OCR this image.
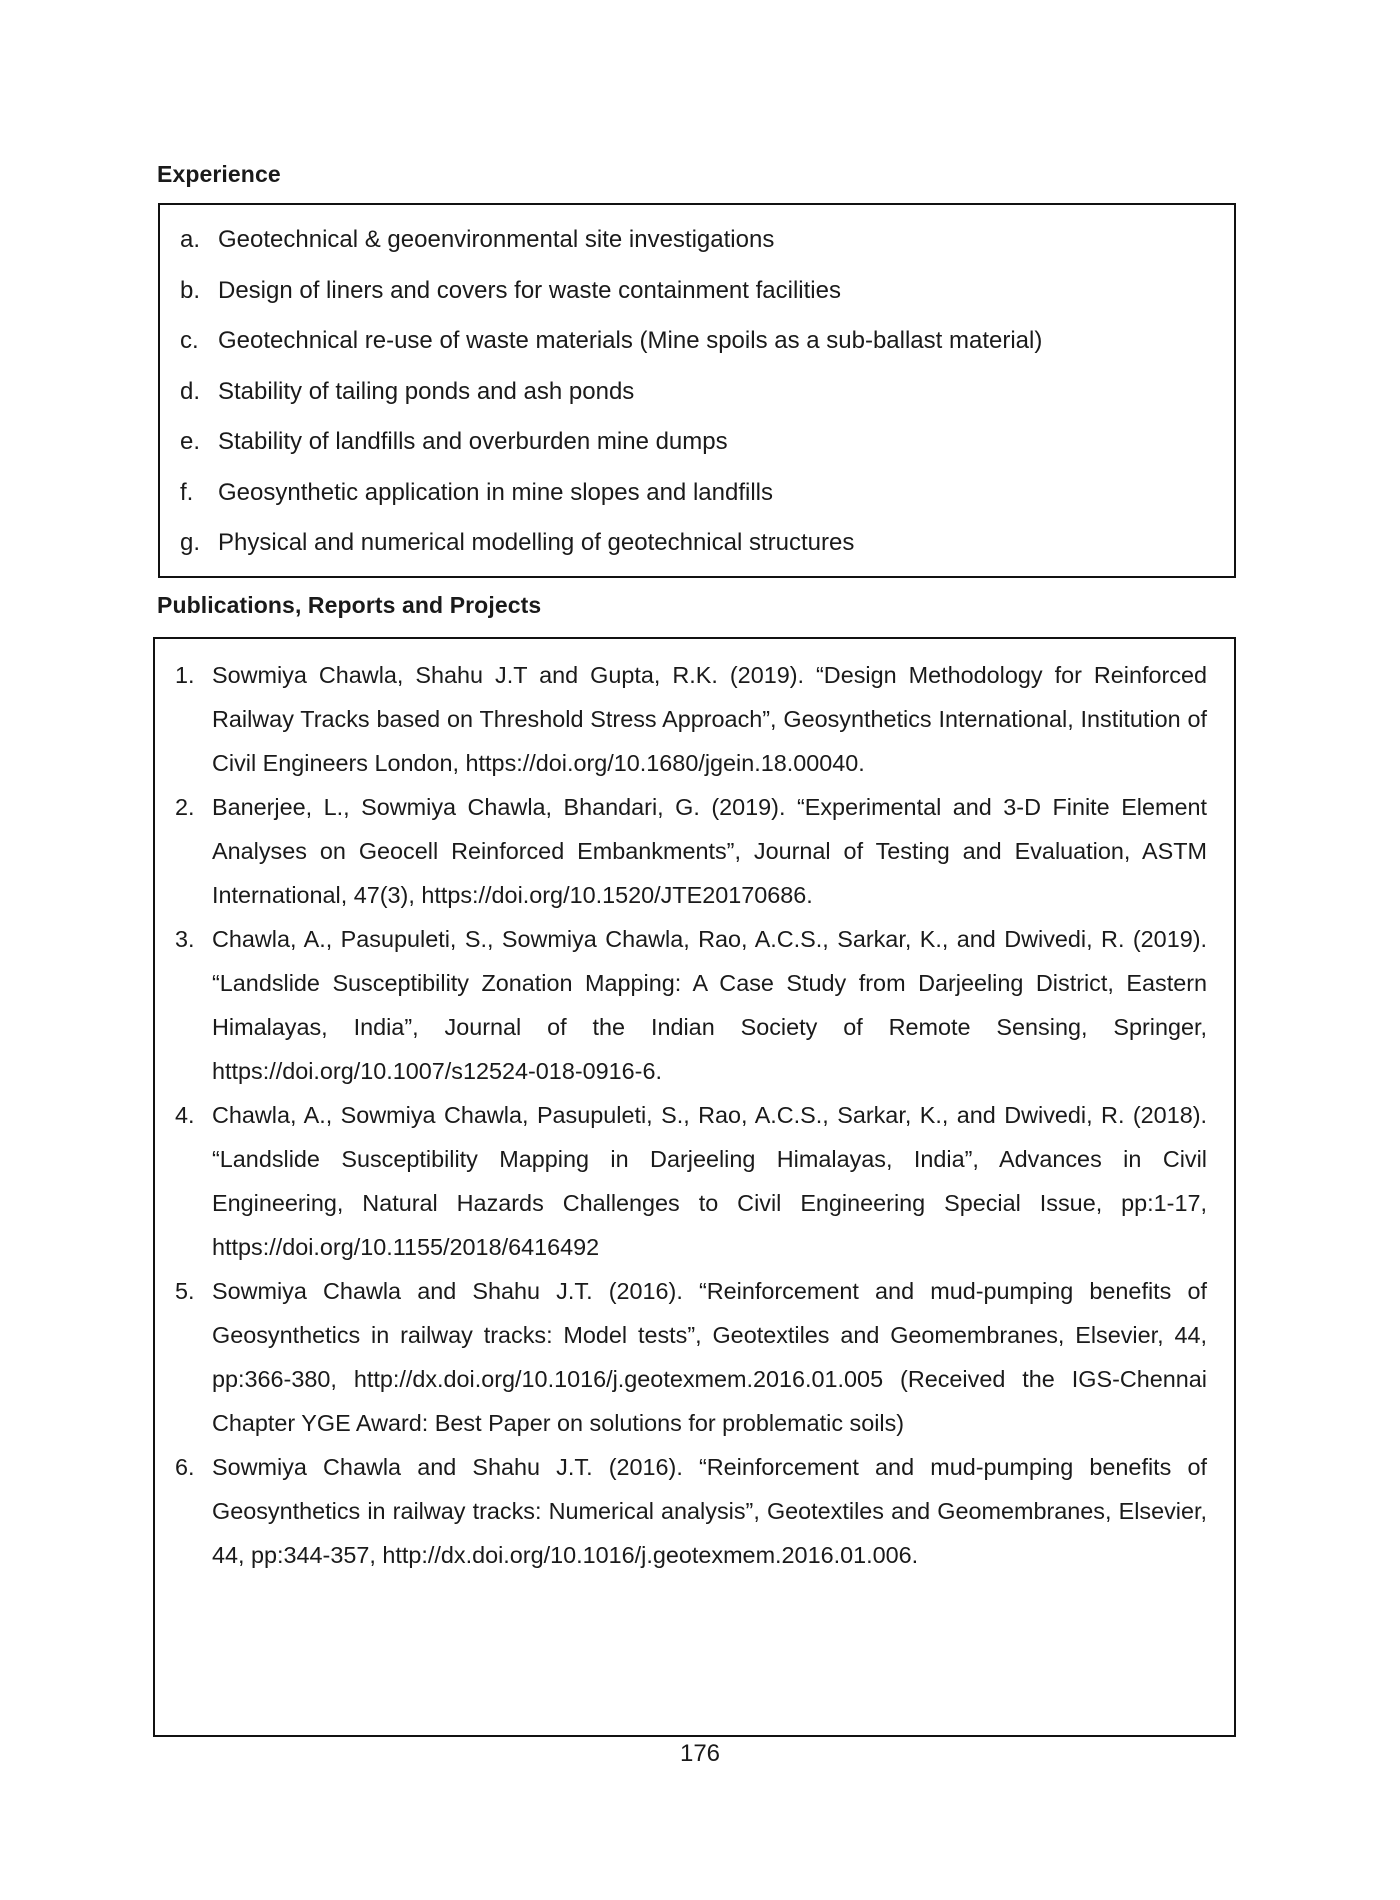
Experience
a. Geotechnical & geoenvironmental site investigations
b. Design of liners and covers for waste containment facilities
c. Geotechnical re-use of waste materials (Mine spoils as a sub-ballast material)
d. Stability of tailing ponds and ash ponds
e. Stability of landfills and overburden mine dumps
f.	Geosynthetic application in mine slopes and landfills
g. Physical and numerical modelling of geotechnical structures
Publications, Reports and Projects
1. Sowmiya Chawla, Shahu J.T and Gupta, R.K. (2019). “Design Methodology for Reinforced Railway Tracks based on Threshold Stress Approach”, Geosynthetics International, Institution of Civil Engineers London, https://doi.org/10.1680/jgein.18.00040.
2. Banerjee, L., Sowmiya Chawla, Bhandari, G. (2019). “Experimental and 3-D Finite Element Analyses on Geocell Reinforced Embankments”, Journal of Testing and Evaluation, ASTM International, 47(3), https://doi.org/10.1520/JTE20170686.
3. Chawla, A., Pasupuleti, S., Sowmiya Chawla, Rao, A.C.S., Sarkar, K., and Dwivedi, R. (2019). “Landslide Susceptibility Zonation Mapping: A Case Study from Darjeeling District, Eastern Himalayas, India”, Journal of the Indian Society of Remote Sensing, Springer, https://doi.org/10.1007/s12524-018-0916-6.
4. Chawla, A., Sowmiya Chawla, Pasupuleti, S., Rao, A.C.S., Sarkar, K., and Dwivedi, R. (2018). “Landslide Susceptibility Mapping in Darjeeling Himalayas, India”, Advances in Civil Engineering, Natural Hazards Challenges to Civil Engineering Special Issue, pp:1-17, https://doi.org/10.1155/2018/6416492
5. Sowmiya Chawla and Shahu J.T. (2016). “Reinforcement and mud-pumping benefits of Geosynthetics in railway tracks: Model tests”, Geotextiles and Geomembranes, Elsevier, 44, pp:366-380, http://dx.doi.org/10.1016/j.geotexmem.2016.01.005 (Received the IGS-Chennai Chapter YGE Award: Best Paper on solutions for problematic soils)
6. Sowmiya Chawla and Shahu J.T. (2016). “Reinforcement and mud-pumping benefits of Geosynthetics in railway tracks: Numerical analysis”, Geotextiles and Geomembranes, Elsevier, 44, pp:344-357, http://dx.doi.org/10.1016/j.geotexmem.2016.01.006.
176
